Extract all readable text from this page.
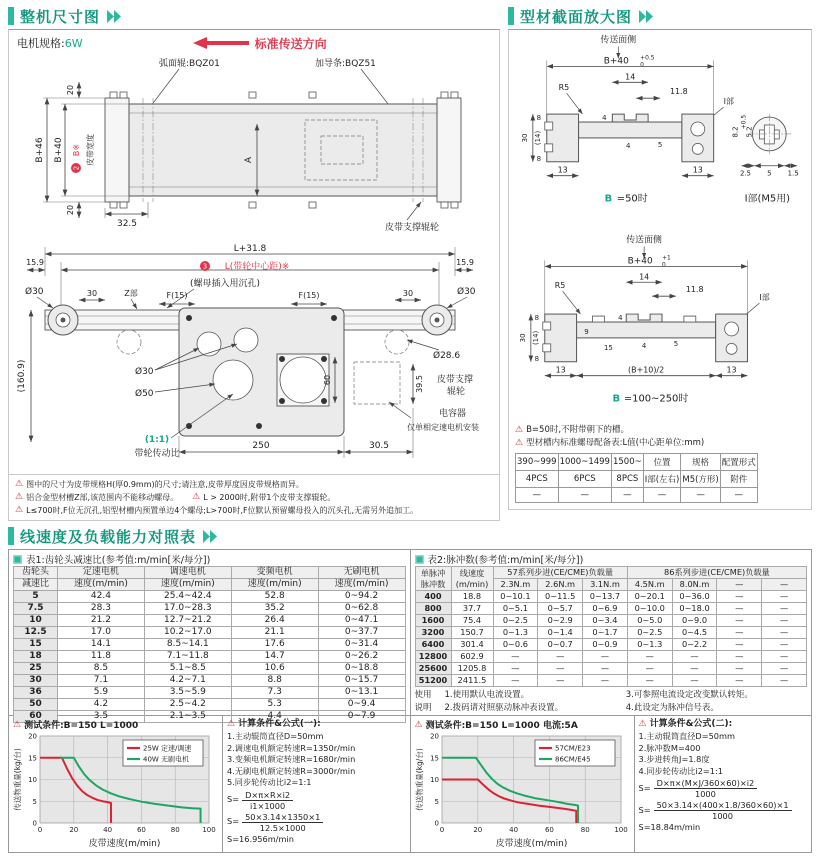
整机尺寸图
电机规格: 6W	标准传送方向
弧面辊:BQZ01	加导条:BQZ51
A
B+46 B+40
2
B※ 皮带宽度
20
20
32.5	皮带支撑辊轮

L+31.8
3 L(带轮中心距)※
15.9	15.9
(螺母插入用沉孔)
Ø30	Ø30
30	Z部	F(15)	F(15)	30
(160.9)	Ø30
Ø50
60	39.5
Ø28.6
皮带支撑
辊轮
电容器
仅单相定速电机安装
(1:1)
带轮传动比
250	30.5
⚠ 图中的尺寸为皮带规格H(厚0.9mm)的尺寸;请注意,皮带厚度因皮带规格而异。
⚠ 铝合金型材槽Z部,该范围内不能移动螺母。 ⚠ L > 2000时,附带1个皮带支撑辊轮。
⚠ L≤700时,F位无沉孔,铝型材槽内预置单边4个螺母;L>700时,F位默认预留螺母投入的沉头孔,无需另外追加工。
型材截面放大图
传送面侧
B+40 +0.5
0
14
11.8
R5
I部
8
30 (14)
8
4
4	5
13	13
B =50时
8.2
+0.5
5.2
2.5 5 1.5
I部(M5用)

传送面侧
B+40 +1
0
14
11.8
R5
I部
8
30 (14)
8
9
15
4
4	5
13	(B+10)/2	13
B =100~250时
⚠ B=50时,不附带朝下的槽。
⚠ 型材槽内标准螺母配备表:L值(中心距单位:mm)
390~999	1000~1499	1500~	位置	规格	配置形式
4PCS	6PCS	8PCS	I部(左右)	M5(方形)	附件
—	—	—	—	—	—
线速度及负载能力对照表
表1:齿轮头减速比(参考值:m/min[米/每分])
齿轮头	定速电机	调速电机	变频电机	无刷电机

减速比	速度(m/min)	速度(m/min)	速度(m/min)	速度(m/min)
5	42.4	25.4~42.4	52.8	0~94.2
7.5	28.3	17.0~28.3	35.2	0~62.8
10	21.2	12.7~21.2	26.4	0~47.1
12.5	17.0	10.2~17.0	21.1	0~37.7
15	14.1	8.5~14.1	17.6	0~31.4
18	11.8	7.1~11.8	14.7	0~26.2
25	8.5	5.1~8.5	10.6	0~18.8
30	7.1	4.2~7.1	8.8	0~15.7
36	5.9	3.5~5.9	7.3	0~13.1
50	4.2	2.5~4.2	5.3	0~9.4
60	3.5	2.1~3.5	4.4	0~7.9
⚠ 测试条件:B=150 L=1000
0	20	40	60	80	100
0
5
10
15
20
皮带速度(m/min)
传送物重量(kg/台)	25W 定速/调速
40W 无刷电机
⚠ 计算条件&公式(一):
1.主动辊筒直径D=50mm
2.调速电机额定转速R=1350r/min
3.变频电机额定转速R=1680r/min
4.无刷电机额定转速R=3000r/min
5.同步轮传动比i2=1:1
$S= \frac{D\times\pi\times R\times i2}{i1\times 1000}$
$S= \frac{50\times 3.14\times 1350\times 1}{12.5\times 1000}$
S=16.956m/min
表2:脉冲数(参考值:m/min[米/每分])
单脉冲
脉冲数

线速度
(m/min)
	57系列步进(CE/CME)负载量	86系列步进(CE/CME)负载量
		2.3N.m	2.6N.m	3.1N.m	4.5N.m	8.0N.m	—	—
400	18.8	0~10.1	0~11.5	0~13.7	0~20.1	0~36.0	—	—
800	37.7	0~5.1	0~5.7	0~6.9	0~10.0	0~18.0	—	—
1600	75.4	0~2.5	0~2.9	0~3.4	0~5.0	0~9.0	—	—
3200	150.7	0~1.3	0~1.4	0~1.7	0~2.5	0~4.5	—	—
6400	301.4	0~0.6	0~0.7	0~0.9	0~1.3	0~2.2	—	—
12800	602.9	—	—	—	—	—	—	—
25600	1205.8	—	—	—	—	—	—	—
51200	2411.5	—	—	—	—	—	—	—
使用
说明
1.使用默认电流设置。
2.拨码请对照驱动脉冲表设置。
3.可参照电流设定改变默认转矩。
4.此设定为脉冲信号表。
⚠ 测试条件:B=150 L=1000 电流:5A
0	20	40	60	80	100
0
5
10
15
20
皮带速度(m/min)
传送物重量(kg/台)	57CM/E23
86CM/E45
⚠ 计算条件&公式(二):
1.主动辊筒直径D=50mm
2.脉冲数M=400
3.步进转角J=1.8度
4.同步轮传动比i2=1:1
$S= \frac{D\times\pi\times(M\times J/360\times 60)\times i2}{1000}$
$S= \frac{50\times 3.14\times(400\times 1.8/360\times 60)\times 1}{1000}$
S=18.84m/min
